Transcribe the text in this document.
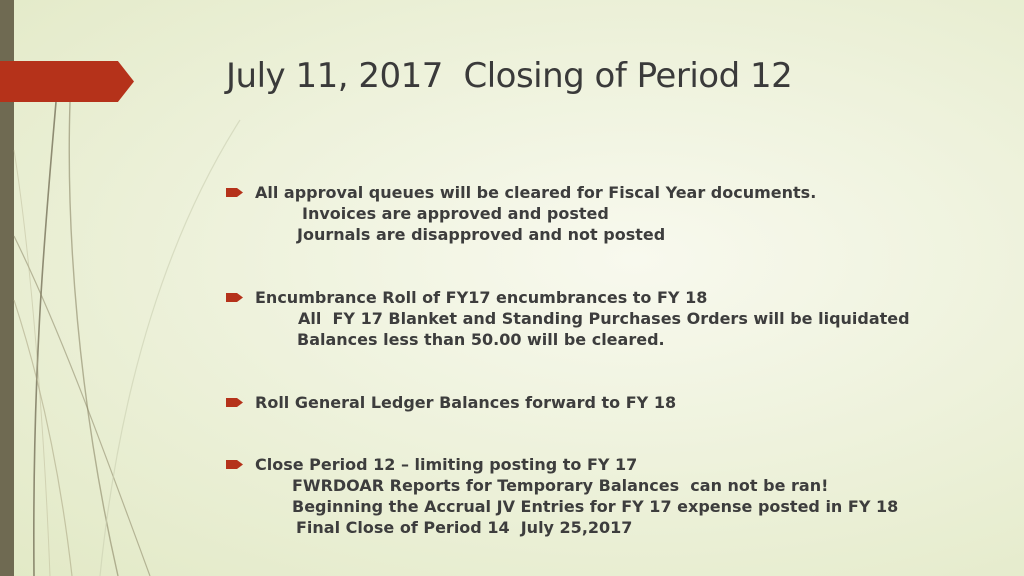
July 11, 2017  Closing of Period 12
All approval queues will be cleared for Fiscal Year documents.
Invoices are approved and posted
Journals are disapproved and not posted
Encumbrance Roll of FY17 encumbrances to FY 18
All  FY 17 Blanket and Standing Purchases Orders will be liquidated
Balances less than 50.00 will be cleared.
Roll General Ledger Balances forward to FY 18
Close Period 12 – limiting posting to FY 17
FWRDOAR Reports for Temporary Balances  can not be ran!
Beginning the Accrual JV Entries for FY 17 expense posted in FY 18
Final Close of Period 14  July 25,2017
